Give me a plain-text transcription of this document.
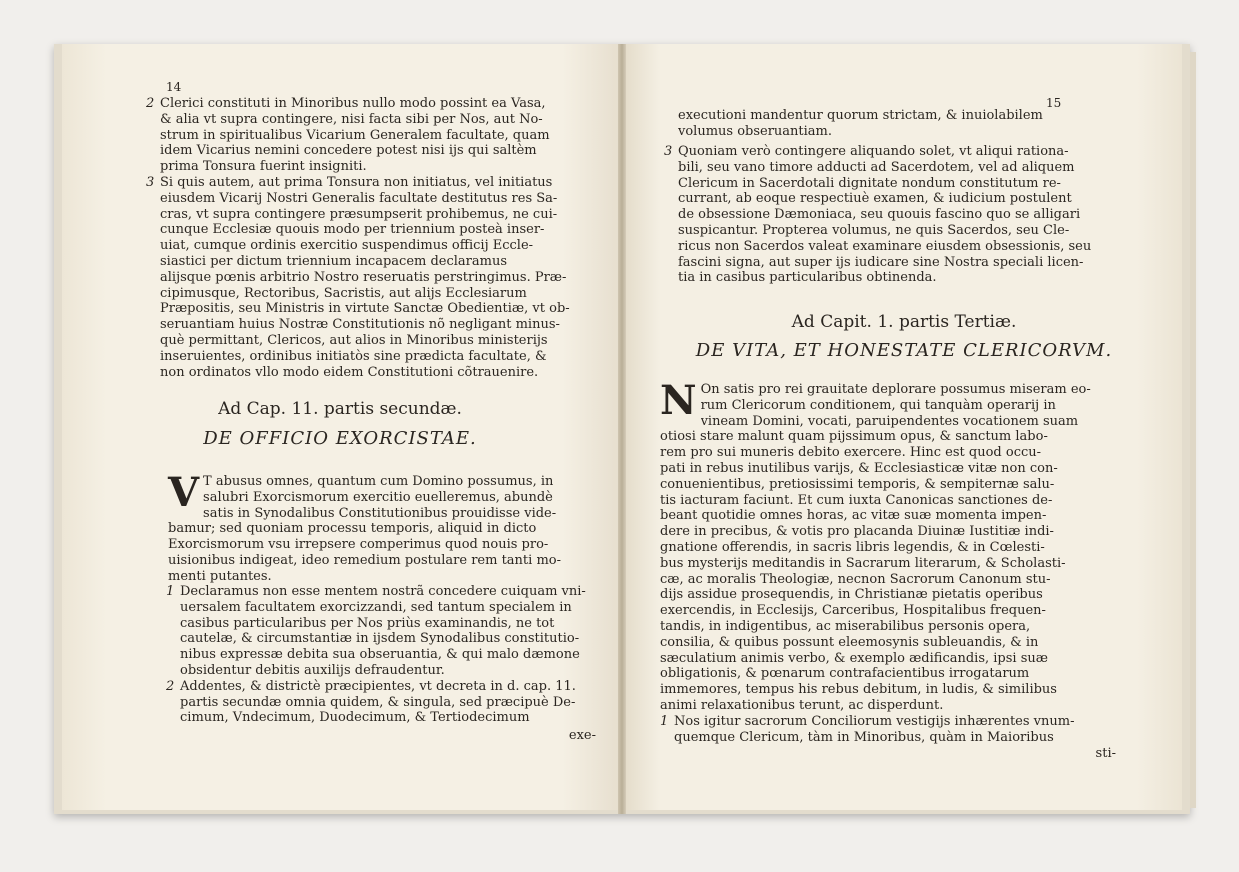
14
2 Clerici constituti in Minoribus nullo modo possint ea Vasa,
& alia vt supra contingere, nisi facta sibi per Nos, aut No-
strum in spiritualibus Vicarium Generalem facultate, quam
idem Vicarius nemini concedere potest nisi ijs qui saltèm
prima Tonsura fuerint insigniti.
3 Si quis autem, aut prima Tonsura non initiatus, vel initiatus
eiusdem Vicarij Nostri Generalis facultate destitutus res Sa-
cras, vt supra contingere præsumpserit prohibemus, ne cui-
cunque Ecclesiæ quouis modo per triennium posteà inser-
uiat, cumque ordinis exercitio suspendimus officij Eccle-
siastici per dictum triennium incapacem declaramus
alijsque pœnis arbitrio Nostro reseruatis perstringimus. Præ-
cipimusque, Rectoribus, Sacristis, aut alijs Ecclesiarum
Præpositis, seu Ministris in virtute Sanctæ Obedientiæ, vt ob-
seruantiam huius Nostræ Constitutionis nõ negligant minus-
què permittant, Clericos, aut alios in Minoribus ministerijs
inseruientes, ordinibus initiatòs sine prædicta facultate, &
non ordinatos vllo modo eidem Constitutioni cõtrauenire.
Ad Cap. 11. partis secundæ.
DE OFFICIO EXORCISTAE.
V T abusus omnes, quantum cum Domino possumus, in
salubri Exorcismorum exercitio euelleremus, abundè
satis in Synodalibus Constitutionibus prouidisse vide-
bamur; sed quoniam processu temporis, aliquid in dicto
Exorcismorum vsu irrepsere comperimus quod nouis pro-
uisionibus indigeat, ideo remedium postulare rem tanti mo-
menti putantes.
1 Declaramus non esse mentem nostrã concedere cuiquam vni-
uersalem facultatem exorcizzandi, sed tantum specialem in
casibus particularibus per Nos priùs examinandis, ne tot
cautelæ, & circumstantiæ in ijsdem Synodalibus constitutio-
nibus expressæ debita sua obseruantia, & qui malo dæmone
obsidentur debitis auxilijs defraudentur.
2 Addentes, & districtè præcipientes, vt decreta in d. cap. 11.
partis secundæ omnia quidem, & singula, sed præcipuè De-
cimum, Vndecimum, Duodecimum, & Tertiodecimum
exe-
15
executioni mandentur quorum strictam, & inuiolabilem
volumus obseruantiam.
3 Quoniam verò contingere aliquando solet, vt aliqui rationa-
bili, seu vano timore adducti ad Sacerdotem, vel ad aliquem
Clericum in Sacerdotali dignitate nondum constitutum re-
currant, ab eoque respectiuè examen, & iudicium postulent
de obsessione Dæmoniaca, seu quouis fascino quo se alligari
suspicantur. Propterea volumus, ne quis Sacerdos, seu Cle-
ricus non Sacerdos valeat examinare eiusdem obsessionis, seu
fascini signa, aut super ijs iudicare sine Nostra speciali licen-
tia in casibus particularibus obtinenda.
Ad Capit. 1. partis Tertiæ.
DE VITA, ET HONESTATE CLERICORVM.
N On satis pro rei grauitate deplorare possumus miseram eo-
rum Clericorum conditionem, qui tanquàm operarij in
vineam Domini, vocati, paruipendentes vocationem suam
otiosi stare malunt quam pijssimum opus, & sanctum labo-
rem pro sui muneris debito exercere. Hinc est quod occu-
pati in rebus inutilibus varijs, & Ecclesiasticæ vitæ non con-
conuenientibus, pretiosissimi temporis, & sempiternæ salu-
tis iacturam faciunt. Et cum iuxta Canonicas sanctiones de-
beant quotidie omnes horas, ac vitæ suæ momenta impen-
dere in precibus, & votis pro placanda Diuinæ Iustitiæ indi-
gnatione offerendis, in sacris libris legendis, & in Cœlesti-
bus mysterijs meditandis in Sacrarum literarum, & Scholasti-
cæ, ac moralis Theologiæ, necnon Sacrorum Canonum stu-
dijs assidue prosequendis, in Christianæ pietatis operibus
exercendis, in Ecclesijs, Carceribus, Hospitalibus frequen-
tandis, in indigentibus, ac miserabilibus personis opera,
consilia, & quibus possunt eleemosynis subleuandis, & in
sæculatium animis verbo, & exemplo ædificandis, ipsi suæ
obligationis, & pœnarum contrafacientibus irrogatarum
immemores, tempus his rebus debitum, in ludis, & similibus
animi relaxationibus terunt, ac disperdunt.
1 Nos igitur sacrorum Conciliorum vestigijs inhærentes vnum-
quemque Clericum, tàm in Minoribus, quàm in Maioribus
sti-
